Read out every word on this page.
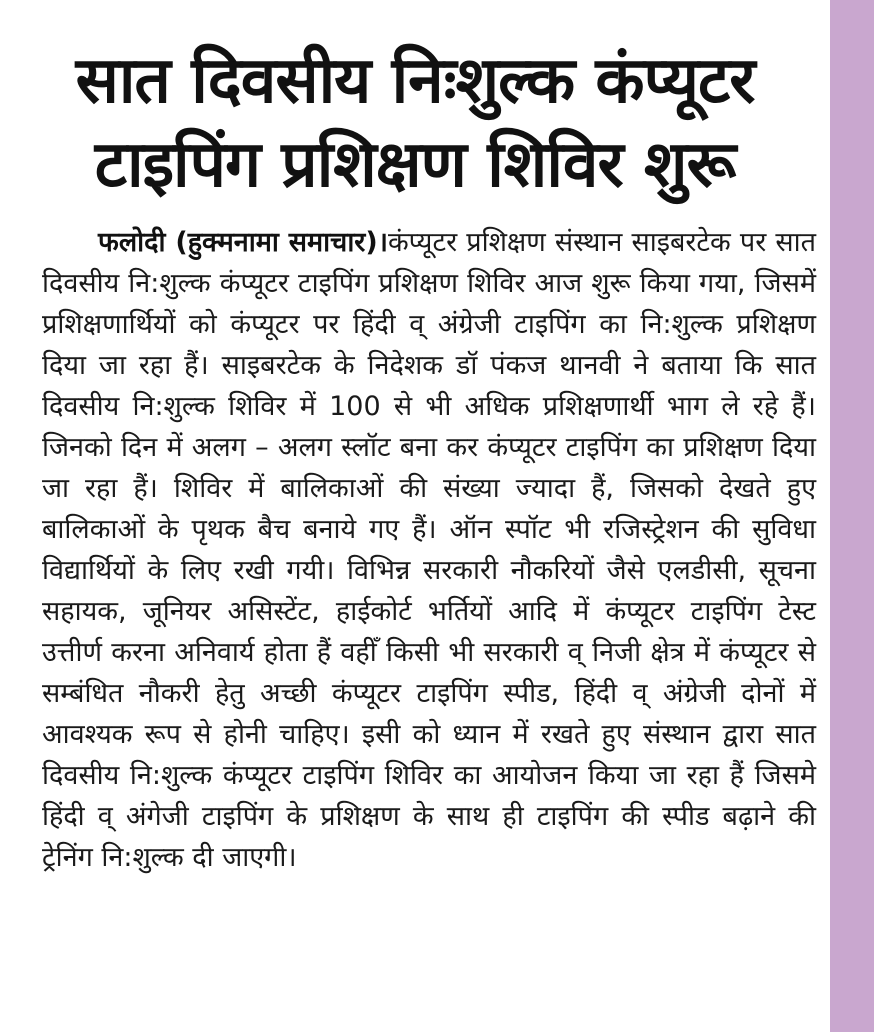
सात दिवसीय निःशुल्क कंप्यूटर
टाइपिंग प्रशिक्षण शिविर शुरू

फलोदी (हुक्मनामा समाचार)।कंप्यूटर प्रशिक्षण संस्थान साइबरटेक पर सात दिवसीय नि:शुल्क कंप्यूटर टाइपिंग प्रशिक्षण शिविर आज शुरू किया गया, जिसमें प्रशिक्षणार्थियों को कंप्यूटर पर हिंदी व् अंग्रेजी टाइपिंग का नि:शुल्क प्रशिक्षण दिया जा रहा हैं। साइबरटेक के निदेशक डॉ पंकज थानवी ने बताया कि सात दिवसीय नि:शुल्क शिविर में 100 से भी अधिक प्रशिक्षणार्थी भाग ले रहे हैं। जिनको दिन में अलग – अलग स्लॉट बना कर कंप्यूटर टाइपिंग का प्रशिक्षण दिया जा रहा हैं। शिविर में बालिकाओं की संख्या ज्यादा हैं, जिसको देखते हुए बालिकाओं के पृथक बैच बनाये गए हैं। ऑन स्पॉट भी रजिस्ट्रेशन की सुविधा विद्यार्थियों के लिए रखी गयी। विभिन्न सरकारी नौकरियों जैसे एलडीसी, सूचना सहायक, जूनियर असिस्टेंट, हाईकोर्ट भर्तियों आदि में कंप्यूटर टाइपिंग टेस्ट उत्तीर्ण करना अनिवार्य होता हैं वहीँ किसी भी सरकारी व् निजी क्षेत्र में कंप्यूटर से सम्बंधित नौकरी हेतु अच्छी कंप्यूटर टाइपिंग स्पीड, हिंदी व् अंग्रेजी दोनों में आवश्यक रूप से होनी चाहिए। इसी को ध्यान में रखते हुए संस्थान द्वारा सात दिवसीय नि:शुल्क कंप्यूटर टाइपिंग शिविर का आयोजन किया जा रहा हैं जिसमे हिंदी व् अंगेजी टाइपिंग के प्रशिक्षण के साथ ही टाइपिंग की स्पीड बढ़ाने की ट्रेनिंग नि:शुल्क दी जाएगी।
